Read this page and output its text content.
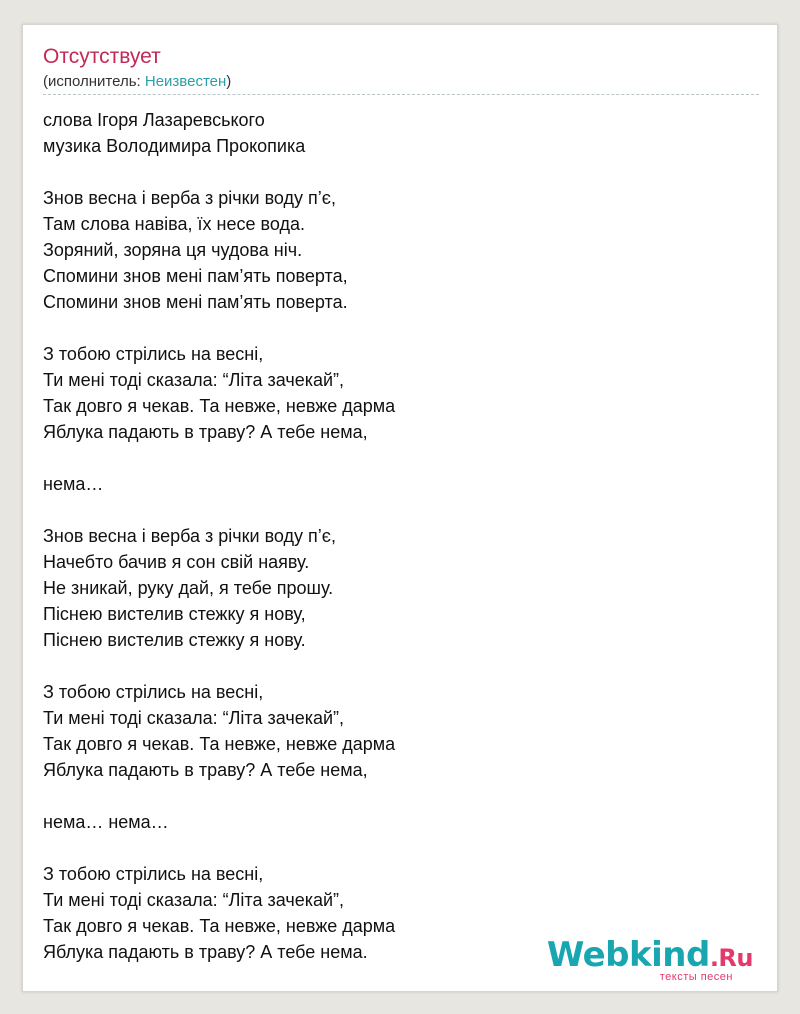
Отсутствует
(исполнитель: Неизвестен)
слова Ігоря Лазаревського
музика Володимира Прокопика
Знов весна і верба з річки воду п’є,
Там слова навіва, їх несе вода.
Зоряний, зоряна ця чудова ніч.
Спомини знов мені пам’ять поверта,
Спомини знов мені пам’ять поверта.
З тобою стрілись на весні,
Ти мені тоді сказала: “Літа зачекай”,
Так довго я чекав. Та невже, невже дарма
Яблука падають в траву? А тебе нема,
нема…
Знов весна і верба з річки воду п’є,
Начебто бачив я сон свій наяву.
Не зникай, руку дай, я тебе прошу.
Піснею вистелив стежку я нову,
Піснею вистелив стежку я нову.
З тобою стрілись на весні,
Ти мені тоді сказала: “Літа зачекай”,
Так довго я чекав. Та невже, невже дарма
Яблука падають в траву? А тебе нема,
нема… нема…
З тобою стрілись на весні,
Ти мені тоді сказала: “Літа зачекай”,
Так довго я чекав. Та невже, невже дарма
Яблука падають в траву? А тебе нема.	Webkind.Ru
тексты песен
